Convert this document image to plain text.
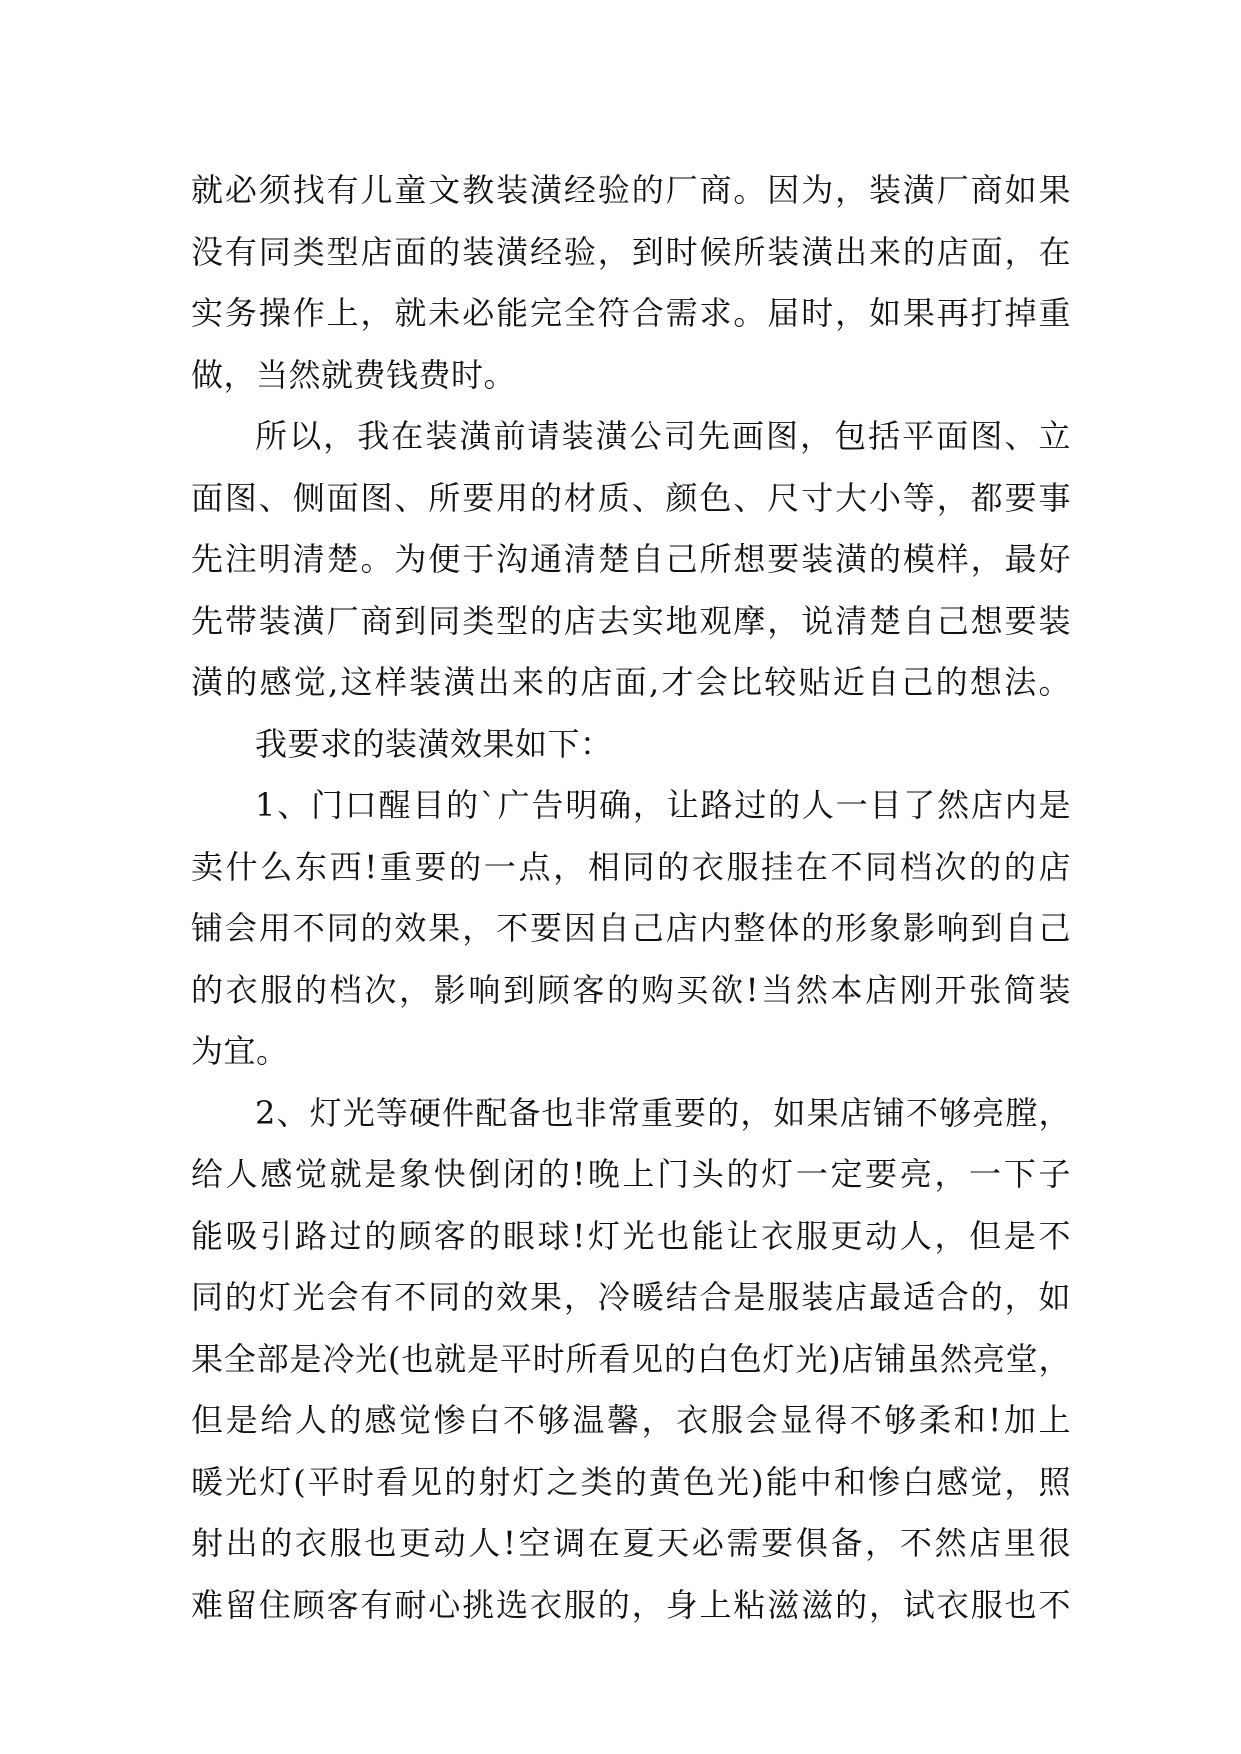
就必须找有儿童文教装潢经验的厂商。因为，装潢厂商如果
没有同类型店面的装潢经验，到时候所装潢出来的店面，在
实务操作上，就未必能完全符合需求。届时，如果再打掉重
做，当然就费钱费时。
所以，我在装潢前请装潢公司先画图，包括平面图、立
面图、侧面图、所要用的材质、颜色、尺寸大小等，都要事
先注明清楚。为便于沟通清楚自己所想要装潢的模样，最好
先带装潢厂商到同类型的店去实地观摩，说清楚自己想要装
潢的感觉,这样装潢出来的店面,才会比较贴近自己的想法。
我要求的装潢效果如下：
1、门口醒目的`广告明确，让路过的人一目了然店内是
卖什么东西!重要的一点，相同的衣服挂在不同档次的的店
铺会用不同的效果，不要因自己店内整体的形象影响到自己
的衣服的档次，影响到顾客的购买欲!当然本店刚开张简装
为宜。
2、灯光等硬件配备也非常重要的，如果店铺不够亮膛，
给人感觉就是象快倒闭的!晚上门头的灯一定要亮，一下子
能吸引路过的顾客的眼球!灯光也能让衣服更动人，但是不
同的灯光会有不同的效果，冷暖结合是服装店最适合的，如
果全部是冷光(也就是平时所看见的白色灯光)店铺虽然亮堂，
但是给人的感觉惨白不够温馨，衣服会显得不够柔和!加上
暖光灯(平时看见的射灯之类的黄色光)能中和惨白感觉，照
射出的衣服也更动人!空调在夏天必需要俱备，不然店里很
难留住顾客有耐心挑选衣服的，身上粘滋滋的，试衣服也不
